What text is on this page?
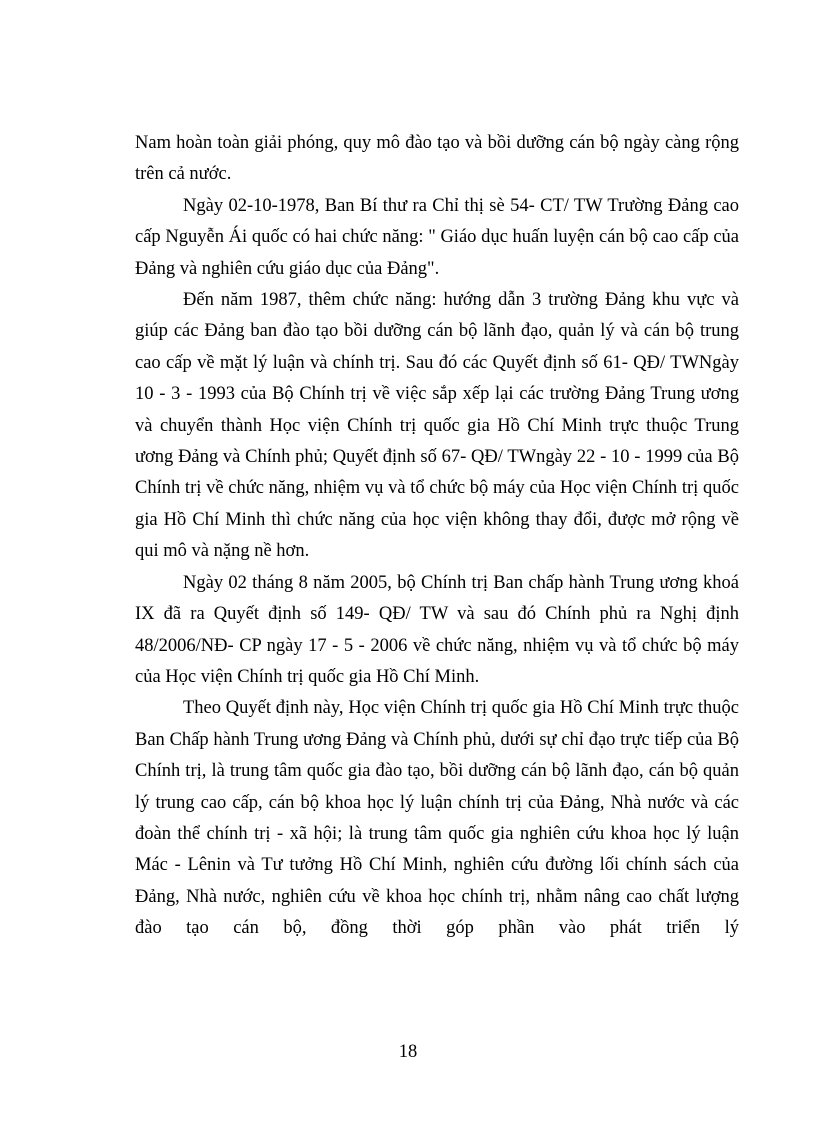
Nam hoàn toàn giải phóng, quy mô đào tạo và bồi dưỡng cán bộ ngày càng rộng trên cả nước.

Ngày 02-10-1978, Ban Bí thư ra Chỉ thị sè 54- CT/ TW Trường Đảng cao cấp Nguyễn Ái quốc có hai chức năng: " Giáo dục huấn luyện cán bộ cao cấp của Đảng và nghiên cứu giáo dục của Đảng".

Đến năm 1987, thêm chức năng: hướng dẫn 3 trường Đảng khu vực và giúp các Đảng ban đào tạo bồi dưỡng cán bộ lãnh đạo, quản lý và cán bộ trung cao cấp về mặt lý luận và chính trị. Sau đó các Quyết định số 61- QĐ/ TWNgày 10 - 3 - 1993 của Bộ Chính trị về việc sắp xếp lại các trường Đảng Trung ương và chuyển thành Học viện Chính trị quốc gia Hồ Chí Minh trực thuộc Trung ương Đảng và Chính phủ; Quyết định số 67- QĐ/ TWngày 22 - 10 - 1999 của Bộ Chính trị về chức năng, nhiệm vụ và tổ chức bộ máy của Học viện Chính trị quốc gia Hồ Chí Minh thì chức năng của học viện không thay đổi, được mở rộng về qui mô và nặng nề hơn.

Ngày 02 tháng 8 năm 2005, bộ Chính trị Ban chấp hành Trung ương khoá IX đã ra Quyết định số 149- QĐ/ TW và sau đó Chính phủ ra Nghị định 48/2006/NĐ- CP ngày 17 - 5 - 2006 về chức năng, nhiệm vụ và tổ chức bộ máy của Học viện Chính trị quốc gia Hồ Chí Minh.

Theo Quyết định này, Học viện Chính trị quốc gia Hồ Chí Minh trực thuộc Ban Chấp hành Trung ương Đảng và Chính phủ, dưới sự chỉ đạo trực tiếp của Bộ Chính trị, là trung tâm quốc gia đào tạo, bồi dưỡng cán bộ lãnh đạo, cán bộ quản lý trung cao cấp, cán bộ khoa học lý luận chính trị của Đảng, Nhà nước và các đoàn thể chính trị - xã hội; là trung tâm quốc gia nghiên cứu khoa học lý luận Mác - Lênin và Tư tưởng Hồ Chí Minh, nghiên cứu đường lối chính sách của Đảng, Nhà nước, nghiên cứu về khoa học chính trị, nhằm nâng cao chất lượng đào tạo cán bộ, đồng thời góp phần vào phát triển lý

18
